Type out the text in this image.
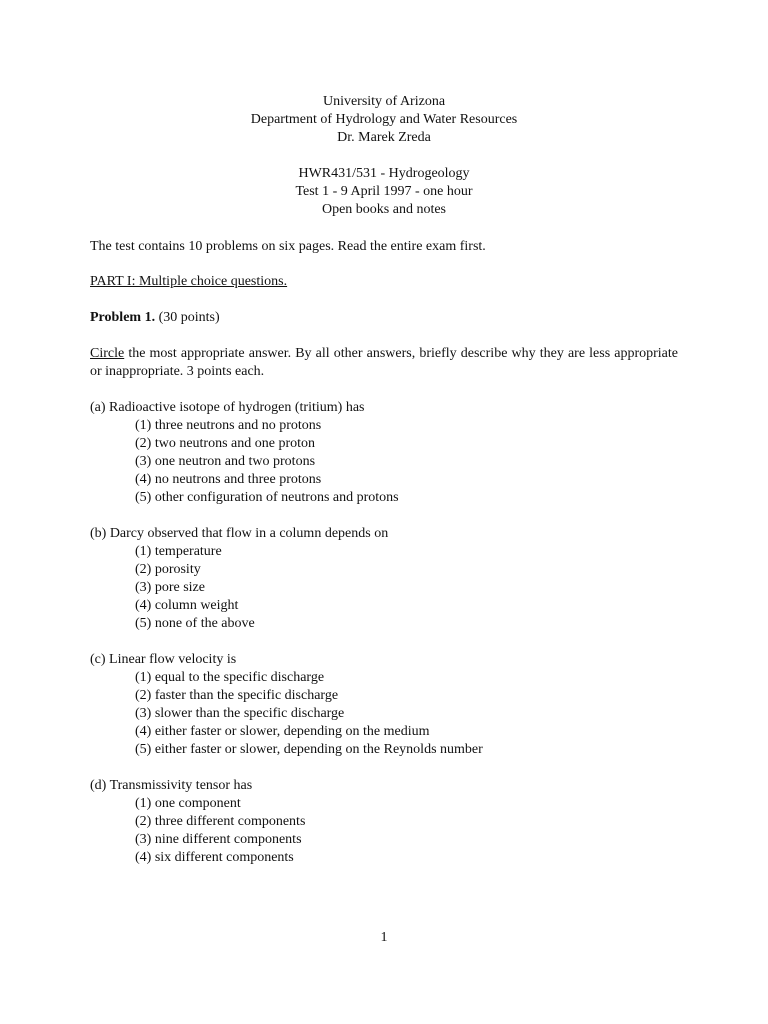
University of Arizona
Department of Hydrology and Water Resources
Dr. Marek Zreda
HWR431/531 - Hydrogeology
Test 1 - 9 April 1997 - one hour
Open books and notes
The test contains 10 problems on six pages. Read the entire exam first.
PART I: Multiple choice questions.
Problem 1. (30 points)
Circle the most appropriate answer. By all other answers, briefly describe why they are less appropriate or inappropriate. 3 points each.
(a) Radioactive isotope of hydrogen (tritium) has
(1) three neutrons and no protons
(2) two neutrons and one proton
(3) one neutron and two protons
(4) no neutrons and three protons
(5) other configuration of neutrons and protons
(b) Darcy observed that flow in a column depends on
(1) temperature
(2) porosity
(3) pore size
(4) column weight
(5) none of the above
(c) Linear flow velocity is
(1) equal to the specific discharge
(2) faster than the specific discharge
(3) slower than the specific discharge
(4) either faster or slower, depending on the medium
(5) either faster or slower, depending on the Reynolds number
(d) Transmissivity tensor has
(1) one component
(2) three different components
(3) nine different components
(4) six different components
1
